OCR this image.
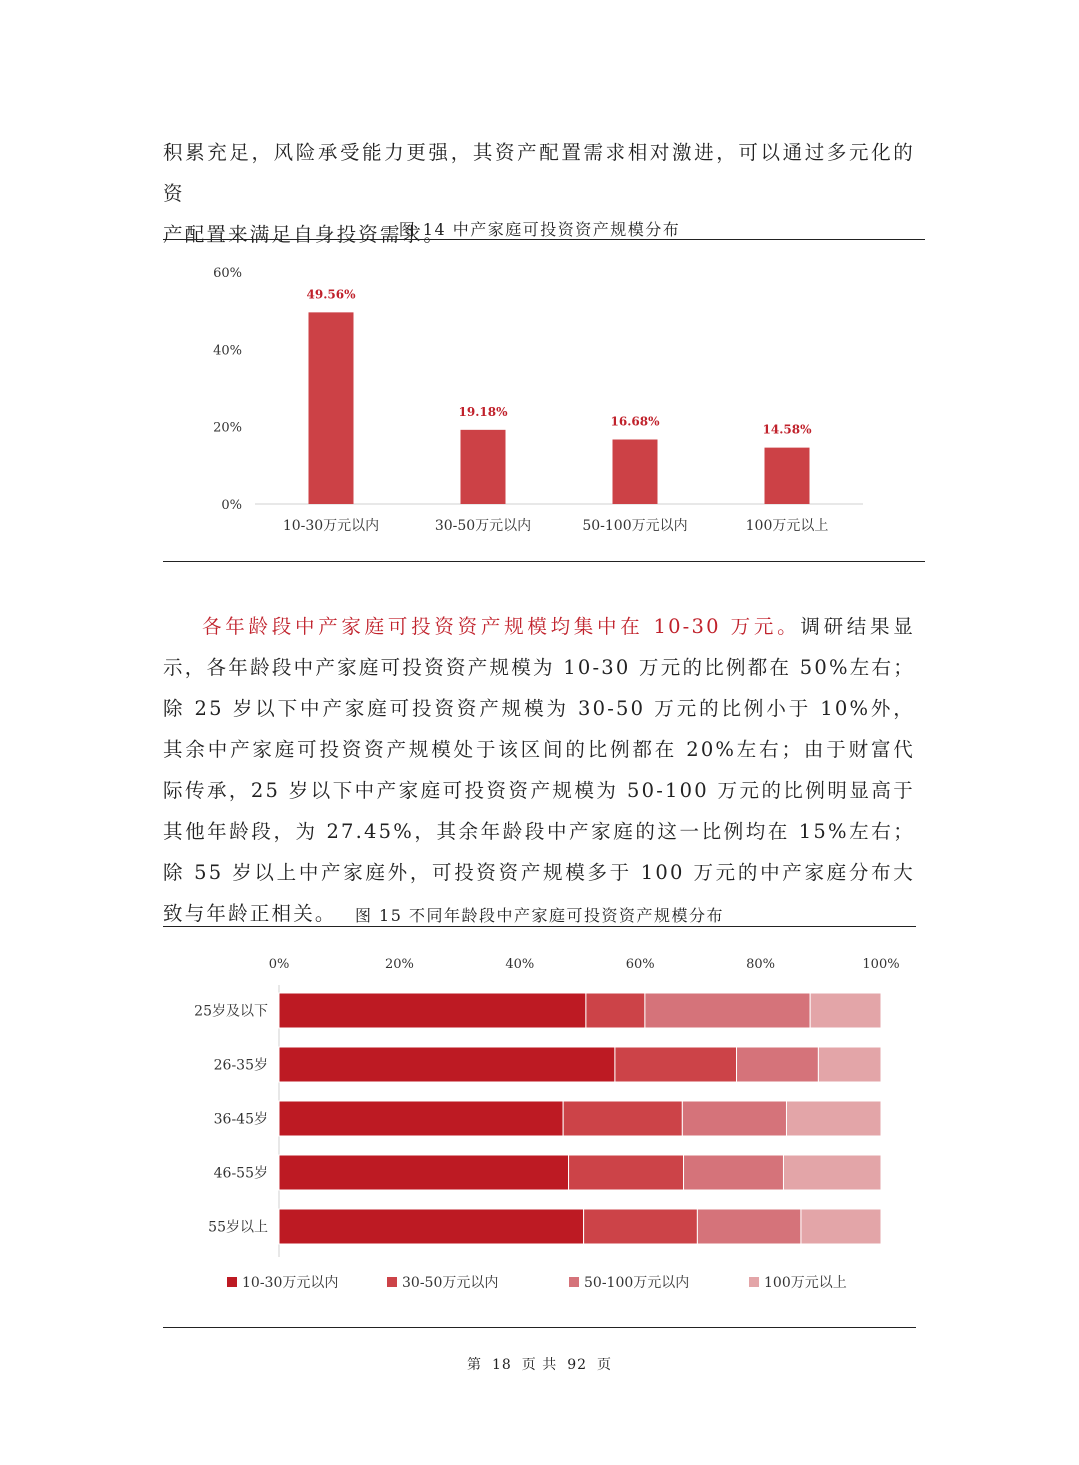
积累充足，风险承受能力更强，其资产配置需求相对激进，可以通过多元化的资

产配置来满足自身投资需求。

图 14 中产家庭可投资资产规模分布
0%
20%
40%
60%
49.56%
10-30万元以内
19.18%
30-50万元以内
16.68%
50-100万元以内
14.58%
100万元以上

各年龄段中产家庭可投资资产规模均集中在 10-30 万元。调研结果显示，各年龄段中产家庭可投资资产规模为 10-30 万元的比例都在 50%左右；除 25 岁以下中产家庭可投资资产规模为 30-50 万元的比例小于 10%外，其余中产家庭可投资资产规模处于该区间的比例都在 20%左右；由于财富代际传承，25 岁以下中产家庭可投资资产规模为 50-100 万元的比例明显高于其他年龄段，为 27.45%，其余年龄段中产家庭的这一比例均在 15%左右；除 55 岁以上中产家庭外，可投资资产规模多于 100 万元的中产家庭分布大致与年龄正相关。	图 15 不同年龄段中产家庭可投资资产规模分布
0%	20%	40%	60%	80%	100%
25岁及以下
26-35岁
36-45岁
46-55岁
55岁以上
10-30万元以内	30-50万元以内	50-100万元以内	100万元以上
第 18 页 共 92 页
